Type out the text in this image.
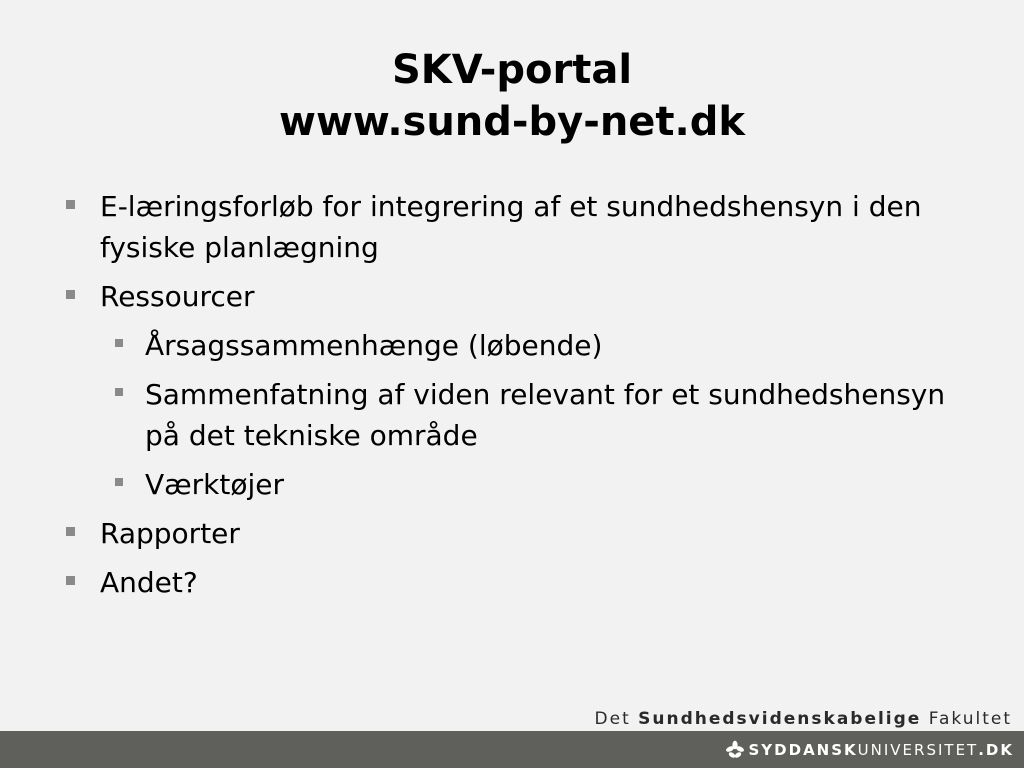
SKV-portal
www.sund-by-net.dk
E-læringsforløb for integrering af et sundhedshensyn i den fysiske planlægning
Ressourcer
Årsagssammenhænge (løbende)
Sammenfatning af viden relevant for et sundhedshensyn på det tekniske område
Værktøjer
Rapporter
Andet?
Det Sundhedsvidenskabelige Fakultet
SYDDANSK UNIVERSITET .DK
